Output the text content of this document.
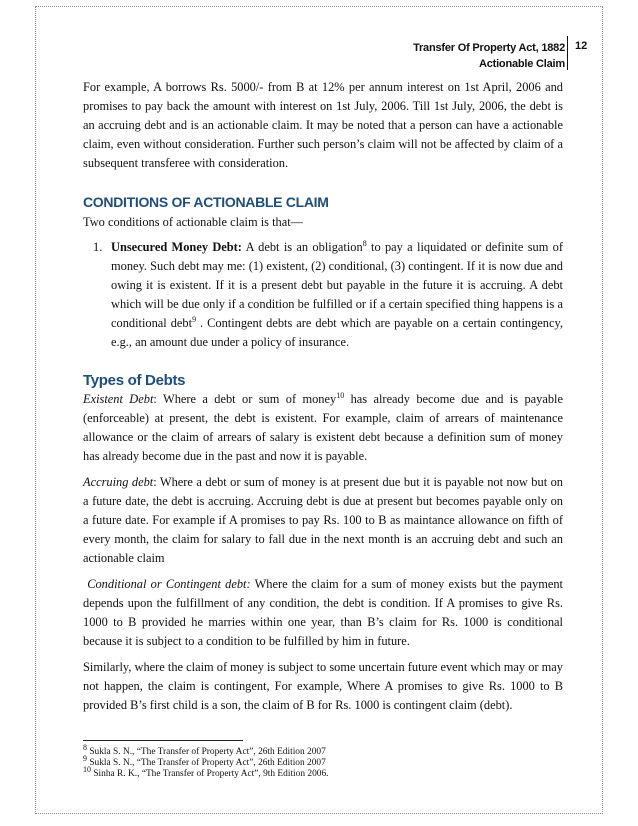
Transfer Of Property Act, 1882
Actionable Claim
12

For example, A borrows Rs. 5000/- from B at 12% per annum interest on 1st April, 2006 and promises to pay back the amount with interest on 1st July, 2006. Till 1st July, 2006, the debt is an accruing debt and is an actionable claim. It may be noted that a person can have a actionable claim, even without consideration. Further such person’s claim will not be affected by claim of a subsequent transferee with consideration.

CONDITIONS OF ACTIONABLE CLAIM

Two conditions of actionable claim is that—

1. Unsecured Money Debt: A debt is an obligation$^8$ to pay a liquidated or definite sum of money. Such debt may me: (1) existent, (2) conditional, (3) contingent. If it is now due and owing it is existent. If it is a present debt but payable in the future it is accruing. A debt which will be due only if a condition be fulfilled or if a certain specified thing happens is a conditional debt$^9$ . Contingent debts are debt which are payable on a certain contingency, e.g., an amount due under a policy of insurance.
Types of Debts

Existent Debt: Where a debt or sum of money$^{10}$ has already become due and is payable (enforceable) at present, the debt is existent. For example, claim of arrears of maintenance allowance or the claim of arrears of salary is existent debt because a definition sum of money has already become due in the past and now it is payable.

Accruing debt: Where a debt or sum of money is at present due but it is payable not now but on a future date, the debt is accruing. Accruing debt is due at present but becomes payable only on a future date. For example if A promises to pay Rs. 100 to B as maintance allowance on fifth of every month, the claim for salary to fall due in the next month is an accruing debt and such an actionable claim

Conditional or Contingent debt: Where the claim for a sum of money exists but the payment depends upon the fulfillment of any condition, the debt is condition. If A promises to give Rs. 1000 to B provided he marries within one year, than B’s claim for Rs. 1000 is conditional because it is subject to a condition to be fulfilled by him in future.

Similarly, where the claim of money is subject to some uncertain future event which may or may not happen, the claim is contingent, For example, Where A promises to give Rs. 1000 to B provided B’s first child is a son, the claim of B for Rs. 1000 is contingent claim (debt).

$^8$ Sukla S. N., “The Transfer of Property Act”, 26th Edition 2007
$^9$ Sukla S. N., “The Transfer of Property Act”, 26th Edition 2007
$^{10}$ Sinha R. K., “The Transfer of Property Act”, 9th Edition 2006.
